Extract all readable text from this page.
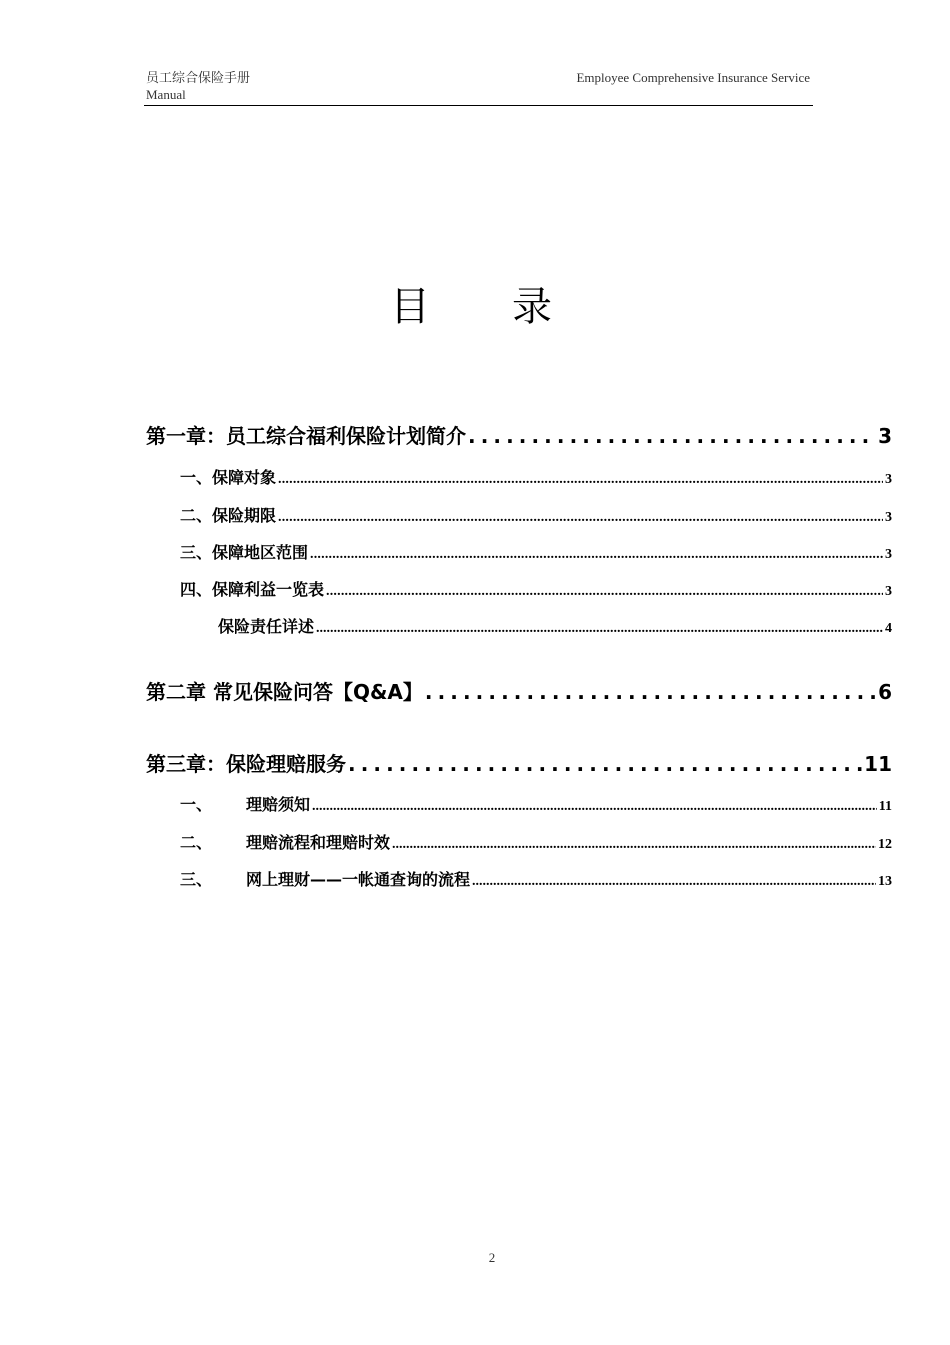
员工综合保险手册
Manual
Employee Comprehensive Insurance Service
目录
第一章：员工综合福利保险计划简介 .....	3
一、保障对象 .....	3
二、保险期限 .....	3
三、保障地区范围 .....	3
四、保障利益一览表 .....	3
保险责任详述 .....	4
第二章 常见保险问答【Q&A】 .....	6
第三章：保险理赔服务 .....	11
一、	理赔须知 .....	11
二、	理赔流程和理赔时效 .....	12
三、	网上理财——一帐通查询的流程 .....	13
2
